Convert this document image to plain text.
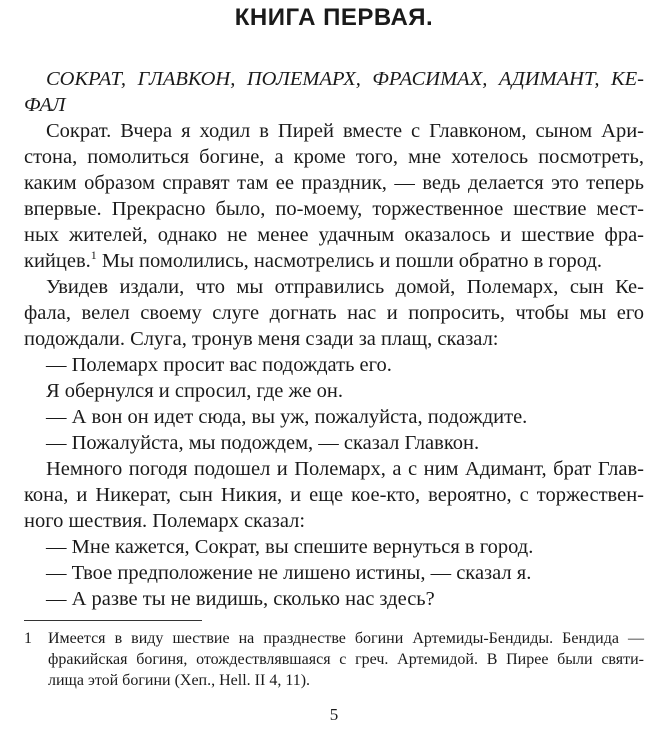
КНИГА ПЕРВАЯ.
СОКРАТ, ГЛАВКОН, ПОЛЕМАРХ, ФРАСИМАХ, АДИМАНТ, КЕ-
ФАЛ
Сократ. Вчера я ходил в Пирей вместе с Главконом, сыном Ари-
стона, помолиться богине, а кроме того, мне хотелось посмотреть,
каким образом справят там ее праздник, — ведь делается это теперь
впервые. Прекрасно было, по-моему, торжественное шествие мест-
ных жителей, однако не менее удачным оказалось и шествие фра-
кийцев.$^1$ Мы помолились, насмотрелись и пошли обратно в город.
Увидев издали, что мы отправились домой, Полемарх, сын Ке-
фала, велел своему слуге догнать нас и попросить, чтобы мы его
подождали. Слуга, тронув меня сзади за плащ, сказал:
— Полемарх просит вас подождать его.
Я обернулся и спросил, где же он.
— А вон он идет сюда, вы уж, пожалуйста, подождите.
— Пожалуйста, мы подождем, — сказал Главкон.
Немного погодя подошел и Полемарх, а с ним Адимант, брат Глав-
кона, и Никерат, сын Никия, и еще кое-кто, вероятно, с торжествен-
ного шествия. Полемарх сказал:
— Мне кажется, Сократ, вы спешите вернуться в город.
— Твое предположение не лишено истины, — сказал я.
— А разве ты не видишь, сколько нас здесь?
1 Имеется в виду шествие на празднестве богини Артемиды-Бендиды. Бендида —
фракийская богиня, отождествлявшаяся с греч. Артемидой. В Пирее были святи-
лища этой богини (Хеп., Hell. II 4, 11).
5
